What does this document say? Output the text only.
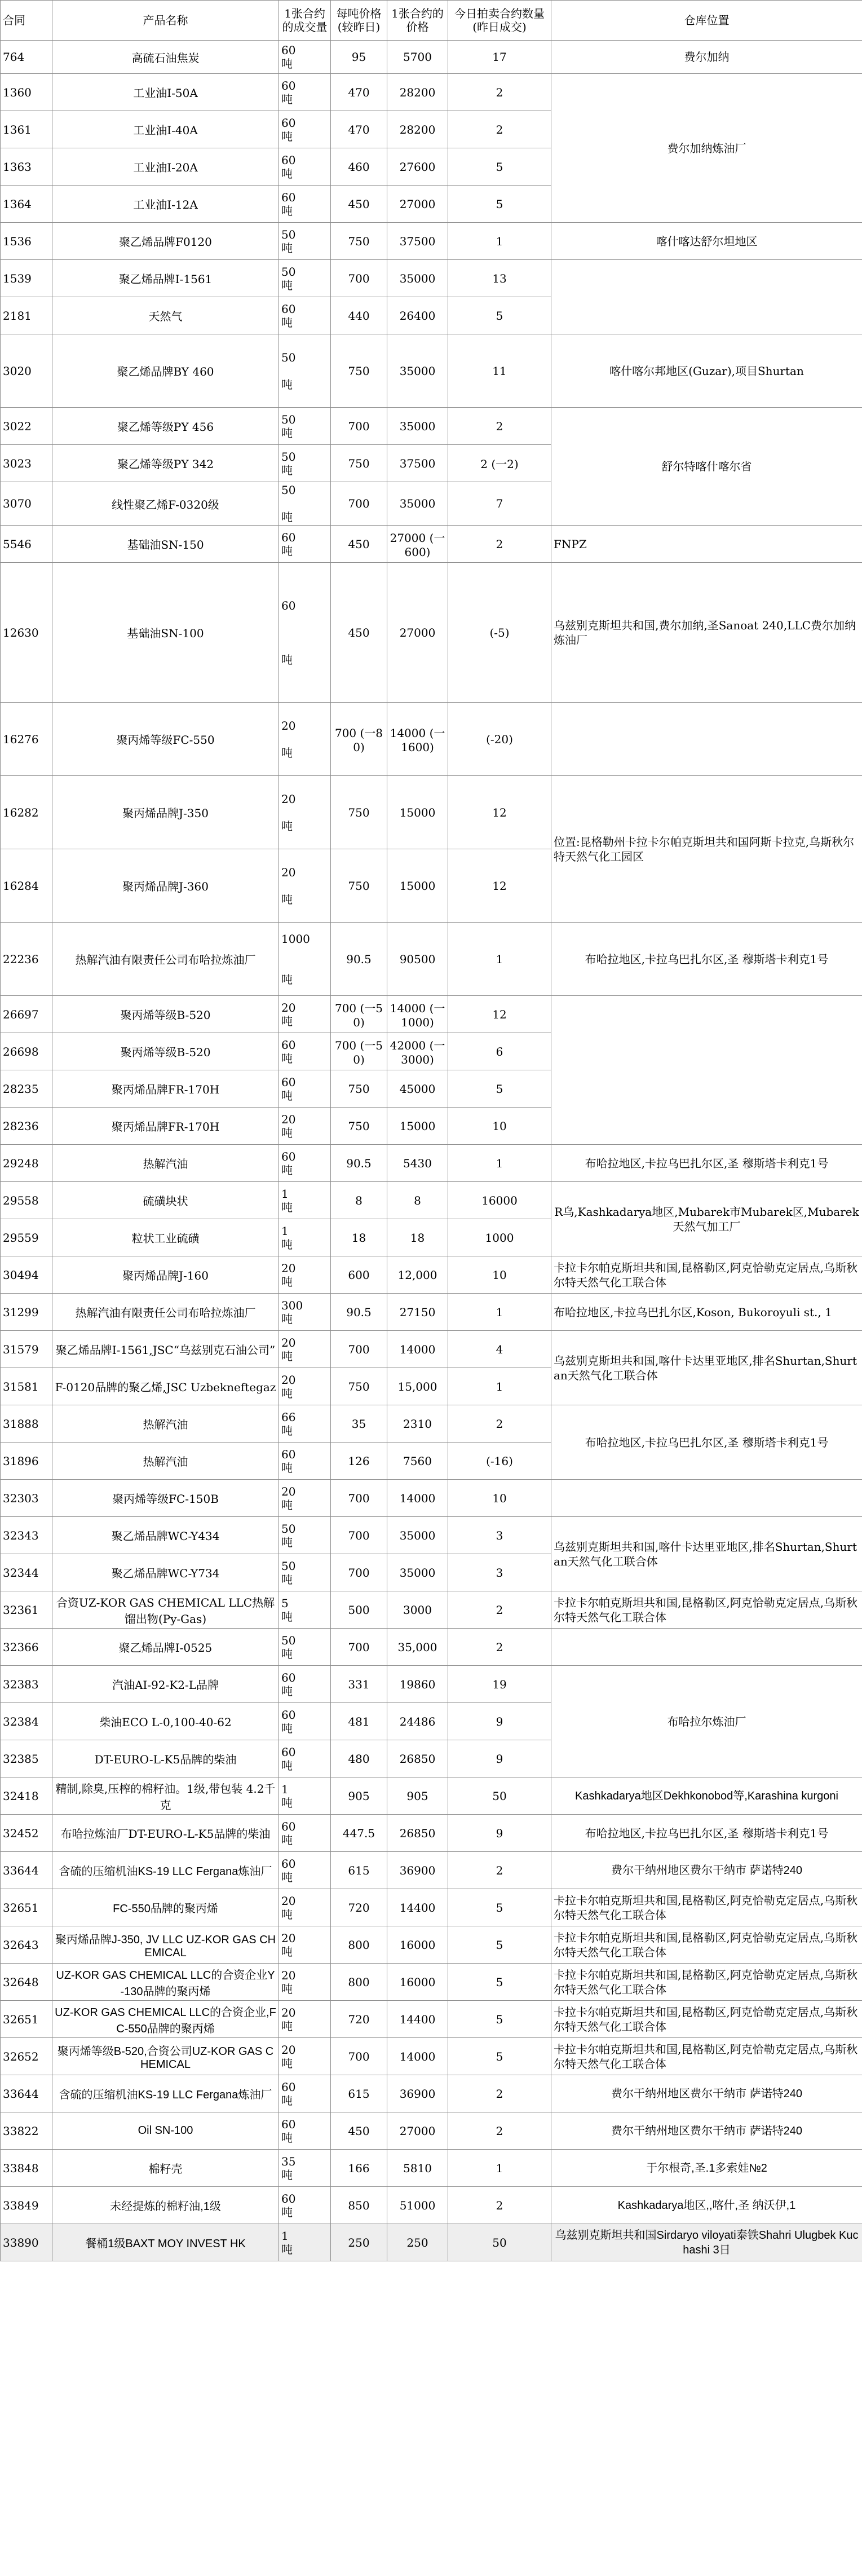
合同	产品名称	1张合约的成交量	每吨价格(较昨日)	1张合约的价格	今日拍卖合约数量(昨日成交)	仓库位置
764	高硫石油焦炭	60
吨	95	5700	17	费尔加纳
1360	工业油I-50A	60
吨	470	28200	2	费尔加纳炼油厂
1361	工业油I-40A	60
吨	470	28200	2	
1363	工业油I-20A	60
吨	460	27600	5	
1364	工业油I-12A	60
吨	450	27000	5	
1536	聚乙烯品牌F0120	50
吨	750	37500	1	喀什喀达舒尔坦地区
1539	聚乙烯品牌I-1561	50
吨	700	35000	13	
2181	天然气	60
吨	440	26400	5	
3020	聚乙烯品牌BY 460	50

吨	750	35000	11	喀什喀尔邦地区(Guzar),项目Shurtan
3022	聚乙烯等级PY 456	50
吨	700	35000	2	舒尔特喀什喀尔省
3023	聚乙烯等级PY 342	50
吨	750	37500	2 (一2)	
3070	线性聚乙烯F-0320级	50

吨	700	35000	7	
5546	基础油SN-150	60
吨	450	27000 (一600)	2	FNPZ
12630	基础油SN-100	60

吨	450	27000	(-5)	乌兹别克斯坦共和国,费尔加纳,圣Sanoat 240,LLC费尔加纳炼油厂
16276	聚丙烯等级FC-550	20

吨	700 (一80)	14000 (一1600)	(-20)	
16282	聚丙烯品牌J-350	20

吨	750	15000	12	位置:昆格勒州卡拉卡尔帕克斯坦共和国阿斯卡拉克,乌斯秋尔特天然气化工园区
16284	聚丙烯品牌J-360	20

吨	750	15000	12	
22236	热解汽油有限责任公司布哈拉炼油厂	1000

吨	90.5	90500	1	布哈拉地区,卡拉乌巴扎尔区,圣 穆斯塔卡利克1号
26697	聚丙烯等级B-520	20
吨	700 (一50)	14000 (一1000)	12	
26698	聚丙烯等级B-520	60
吨	700 (一50)	42000 (一3000)	6	
28235	聚丙烯品牌FR-170H	60
吨	750	45000	5	
28236	聚丙烯品牌FR-170H	20
吨	750	15000	10	
29248	热解汽油	60
吨	90.5	5430	1	布哈拉地区,卡拉乌巴扎尔区,圣 穆斯塔卡利克1号
29558	硫磺块状	1
吨	8	8	16000	R乌,Kashkadarya地区,Mubarek市Mubarek区,Mubarek天然气加工厂
29559	粒状工业硫磺	1
吨	18	18	1000	
30494	聚丙烯品牌J-160	20
吨	600	12,000	10	卡拉卡尔帕克斯坦共和国,昆格勒区,阿克恰勒克定居点,乌斯秋尔特天然气化工联合体
31299	热解汽油有限责任公司布哈拉炼油厂	300
吨	90.5	27150	1	布哈拉地区,卡拉乌巴扎尔区,Koson, Bukoroyuli st., 1
31579	聚乙烯品牌I-1561,JSC“乌兹别克石油公司”	20
吨	700	14000	4	乌兹别克斯坦共和国,喀什卡达里亚地区,排名Shurtan,Shurtan天然气化工联合体
31581	F-0120品牌的聚乙烯,JSC Uzbekneftegaz	20
吨	750	15,000	1	
31888	热解汽油	66
吨	35	2310	2	布哈拉地区,卡拉乌巴扎尔区,圣 穆斯塔卡利克1号
31896	热解汽油	60
吨	126	7560	(-16)	
32303	聚丙烯等级FC-150B	20
吨	700	14000	10	
32343	聚乙烯品牌WC-Y434	50
吨	700	35000	3	乌兹别克斯坦共和国,喀什卡达里亚地区,排名Shurtan,Shurtan天然气化工联合体
32344	聚乙烯品牌WC-Y734	50
吨	700	35000	3	
32361	合资UZ-KOR GAS CHEMICAL LLC热解馏出物(Py-Gas)	5
吨	500	3000	2	卡拉卡尔帕克斯坦共和国,昆格勒区,阿克恰勒克定居点,乌斯秋尔特天然气化工联合体
32366	聚乙烯品牌I-0525	50
吨	700	35,000	2	
32383	汽油AI-92-K2-L品牌	60
吨	331	19860	19	布哈拉尔炼油厂
32384	柴油ECO L-0,100-40-62	60
吨	481	24486	9	
32385	DT-EURO-L-K5品牌的柴油	60
吨	480	26850	9	
32418	精制,除臭,压榨的棉籽油。1级,带包装 4.2千克	1
吨	905	905	50	Kashkadarya地区Dekhkonobod等,Karashina kurgoni
32452	布哈拉炼油厂DT-EURO-L-K5品牌的柴油	60
吨	447.5	26850	9	布哈拉地区,卡拉乌巴扎尔区,圣 穆斯塔卡利克1号
33644	含硫的压缩机油KS-19 LLC Fergana炼油厂	60
吨	615	36900	2	费尔干纳州地区费尔干纳市 萨诺特240
32651	FC-550品牌的聚丙烯	20
吨	720	14400	5	卡拉卡尔帕克斯坦共和国,昆格勒区,阿克恰勒克定居点,乌斯秋尔特天然气化工联合体
32643	聚丙烯品牌J-350, JV LLC UZ-KOR GAS CHEMICAL	20
吨	800	16000	5	卡拉卡尔帕克斯坦共和国,昆格勒区,阿克恰勒克定居点,乌斯秋尔特天然气化工联合体
32648	UZ-KOR GAS CHEMICAL LLC的合资企业Y-130品牌的聚丙烯	20
吨	800	16000	5	卡拉卡尔帕克斯坦共和国,昆格勒区,阿克恰勒克定居点,乌斯秋尔特天然气化工联合体
32651	UZ-KOR GAS CHEMICAL LLC的合资企业,FC-550品牌的聚丙烯	20
吨	720	14400	5	卡拉卡尔帕克斯坦共和国,昆格勒区,阿克恰勒克定居点,乌斯秋尔特天然气化工联合体
32652	聚丙烯等级B-520,合资公司UZ-KOR GAS CHEMICAL	20
吨	700	14000	5	卡拉卡尔帕克斯坦共和国,昆格勒区,阿克恰勒克定居点,乌斯秋尔特天然气化工联合体
33644	含硫的压缩机油KS-19 LLC Fergana炼油厂	60
吨	615	36900	2	费尔干纳州地区费尔干纳市 萨诺特240
33822	Oil SN-100	60
吨	450	27000	2	费尔干纳州地区费尔干纳市 萨诺特240
33848	棉籽壳	35
吨	166	5810	1	于尔根奇,圣.1多索娃№2
33849	未经提炼的棉籽油,1级	60
吨	850	51000	2	Kashkadarya地区,,喀什,圣 纳沃伊,1
33890	餐桶1级BAXT MOY INVEST HK	1
吨	250	250	50	乌兹别克斯坦共和国Sirdaryo viloyati泰铁Shahri Ulugbek Kuchashi 3日
